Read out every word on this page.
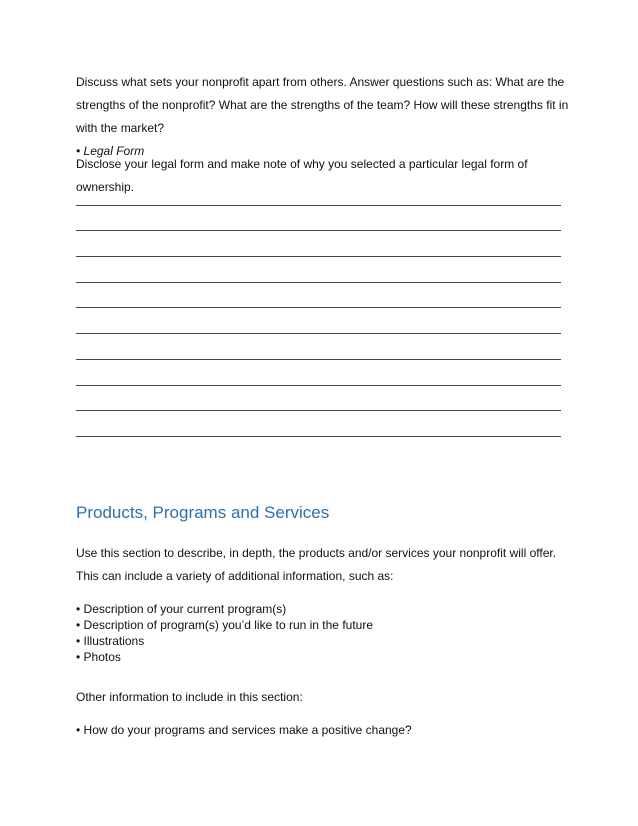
Discuss what sets your nonprofit apart from others. Answer questions such as: What are the
strengths of the nonprofit? What are the strengths of the team? How will these strengths fit in
with the market?
• Legal Form
Disclose your legal form and make note of why you selected a particular legal form of
ownership.
Products, Programs and Services
Use this section to describe, in depth, the products and/or services your nonprofit will offer.
This can include a variety of additional information, such as:
• Description of your current program(s)
• Description of program(s) you’d like to run in the future
• Illustrations
• Photos
Other information to include in this section:
• How do your programs and services make a positive change?
